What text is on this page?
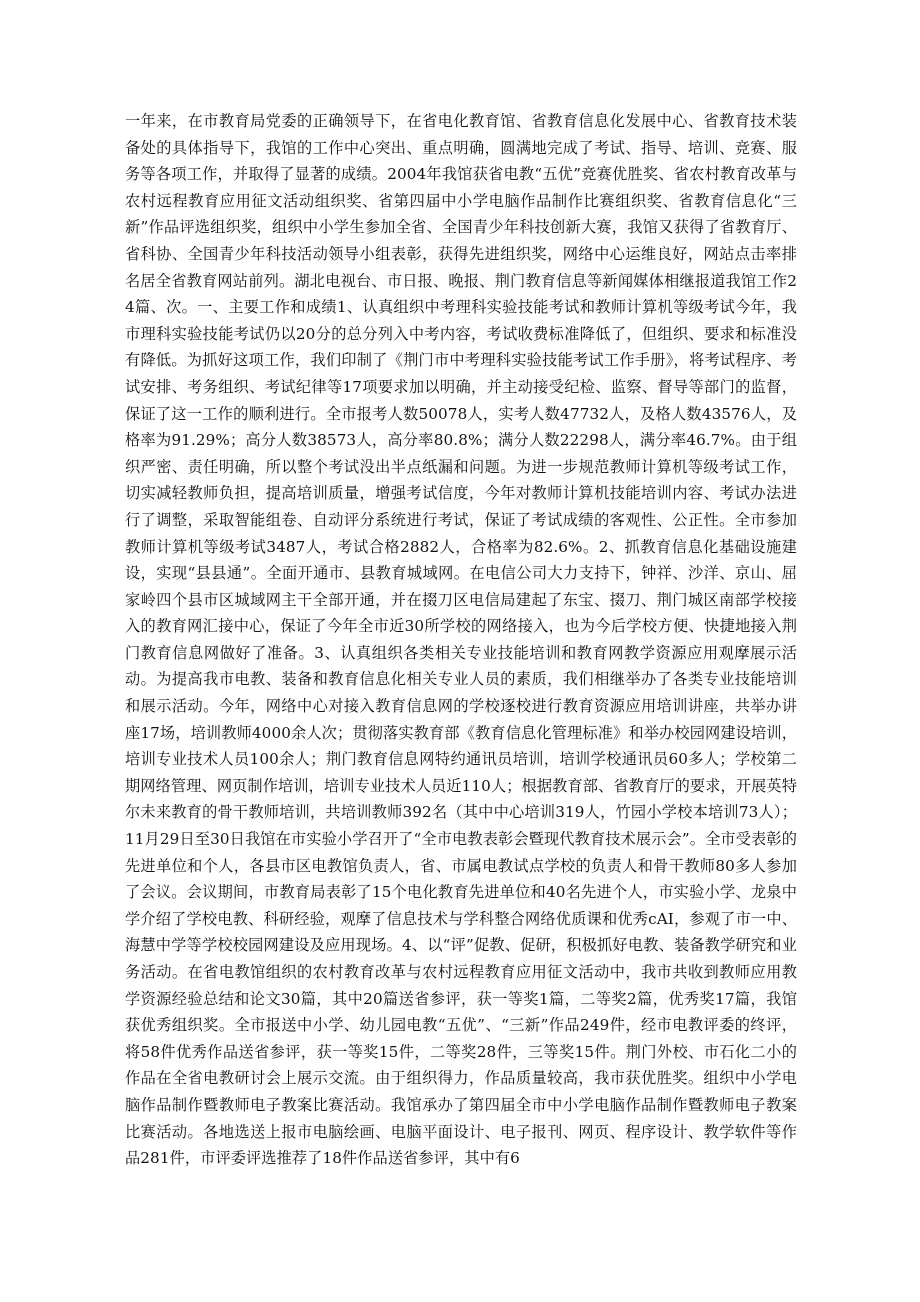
一年来，在市教育局党委的正确领导下，在省电化教育馆、省教育信息化发展中心、省教育技术装备处的具体指导下，我馆的工作中心突出、重点明确，圆满地完成了考试、指导、培训、竞赛、服务等各项工作，并取得了显著的成绩。2004年我馆获省电教“五优”竞赛优胜奖、省农村教育改革与农村远程教育应用征文活动组织奖、省第四届中小学电脑作品制作比赛组织奖、省教育信息化“三新”作品评选组织奖，组织中小学生参加全省、全国青少年科技创新大赛，我馆又获得了省教育厅、省科协、全国青少年科技活动领导小组表彰，获得先进组织奖，网络中心运维良好，网站点击率排名居全省教育网站前列。湖北电视台、市日报、晚报、荆门教育信息等新闻媒体相继报道我馆工作24篇、次。一、主要工作和成绩1、认真组织中考理科实验技能考试和教师计算机等级考试今年，我市理科实验技能考试仍以20分的总分列入中考内容，考试收费标准降低了，但组织、要求和标准没有降低。为抓好这项工作，我们印制了《荆门市中考理科实验技能考试工作手册》，将考试程序、考试安排、考务组织、考试纪律等17项要求加以明确，并主动接受纪检、监察、督导等部门的监督，保证了这一工作的顺利进行。全市报考人数50078人，实考人数47732人，及格人数43576人，及格率为91.29%；高分人数38573人，高分率80.8%；满分人数22298人，满分率46.7%。由于组织严密、责任明确，所以整个考试没出半点纸漏和问题。为进一步规范教师计算机等级考试工作，切实减轻教师负担，提高培训质量，增强考试信度，今年对教师计算机技能培训内容、考试办法进行了调整，采取智能组卷、自动评分系统进行考试，保证了考试成绩的客观性、公正性。全市参加教师计算机等级考试3487人，考试合格2882人，合格率为82.6%。2、抓教育信息化基础设施建设，实现“县县通”。全面开通市、县教育城域网。在电信公司大力支持下，钟祥、沙洋、京山、屈家岭四个县市区城域网主干全部开通，并在掇刀区电信局建起了东宝、掇刀、荆门城区南部学校接入的教育网汇接中心，保证了今年全市近30所学校的网络接入，也为今后学校方便、快捷地接入荆门教育信息网做好了准备。3、认真组织各类相关专业技能培训和教育网教学资源应用观摩展示活动。为提高我市电教、装备和教育信息化相关专业人员的素质，我们相继举办了各类专业技能培训和展示活动。今年，网络中心对接入教育信息网的学校逐校进行教育资源应用培训讲座，共举办讲座17场，培训教师4000余人次；贯彻落实教育部《教育信息化管理标准》和举办校园网建设培训，培训专业技术人员100余人；荆门教育信息网特约通讯员培训，培训学校通讯员60多人；学校第二期网络管理、网页制作培训，培训专业技术人员近110人；根据教育部、省教育厅的要求，开展英特尔未来教育的骨干教师培训，共培训教师392名（其中中心培训319人，竹园小学校本培训73人）；11月29日至30日我馆在市实验小学召开了“全市电教表彰会暨现代教育技术展示会”。全市受表彰的先进单位和个人，各县市区电教馆负责人，省、市属电教试点学校的负责人和骨干教师80多人参加了会议。会议期间，市教育局表彰了15个电化教育先进单位和40名先进个人，市实验小学、龙泉中学介绍了学校电教、科研经验，观摩了信息技术与学科整合网络优质课和优秀cAI，参观了市一中、海慧中学等学校校园网建设及应用现场。4、以“评”促教、促研，积极抓好电教、装备教学研究和业务活动。在省电教馆组织的农村教育改革与农村远程教育应用征文活动中，我市共收到教师应用教学资源经验总结和论文30篇，其中20篇送省参评，获一等奖1篇，二等奖2篇，优秀奖17篇，我馆获优秀组织奖。全市报送中小学、幼儿园电教“五优”、“三新”作品249件，经市电教评委的终评，将58件优秀作品送省参评，获一等奖15件，二等奖28件，三等奖15件。荆门外校、市石化二小的作品在全省电教研讨会上展示交流。由于组织得力，作品质量较高，我市获优胜奖。组织中小学电脑作品制作暨教师电子教案比赛活动。我馆承办了第四届全市中小学电脑作品制作暨教师电子教案比赛活动。各地选送上报市电脑绘画、电脑平面设计、电子报刊、网页、程序设计、教学软件等作品281件，市评委评选推荐了18件作品送省参评，其中有6
